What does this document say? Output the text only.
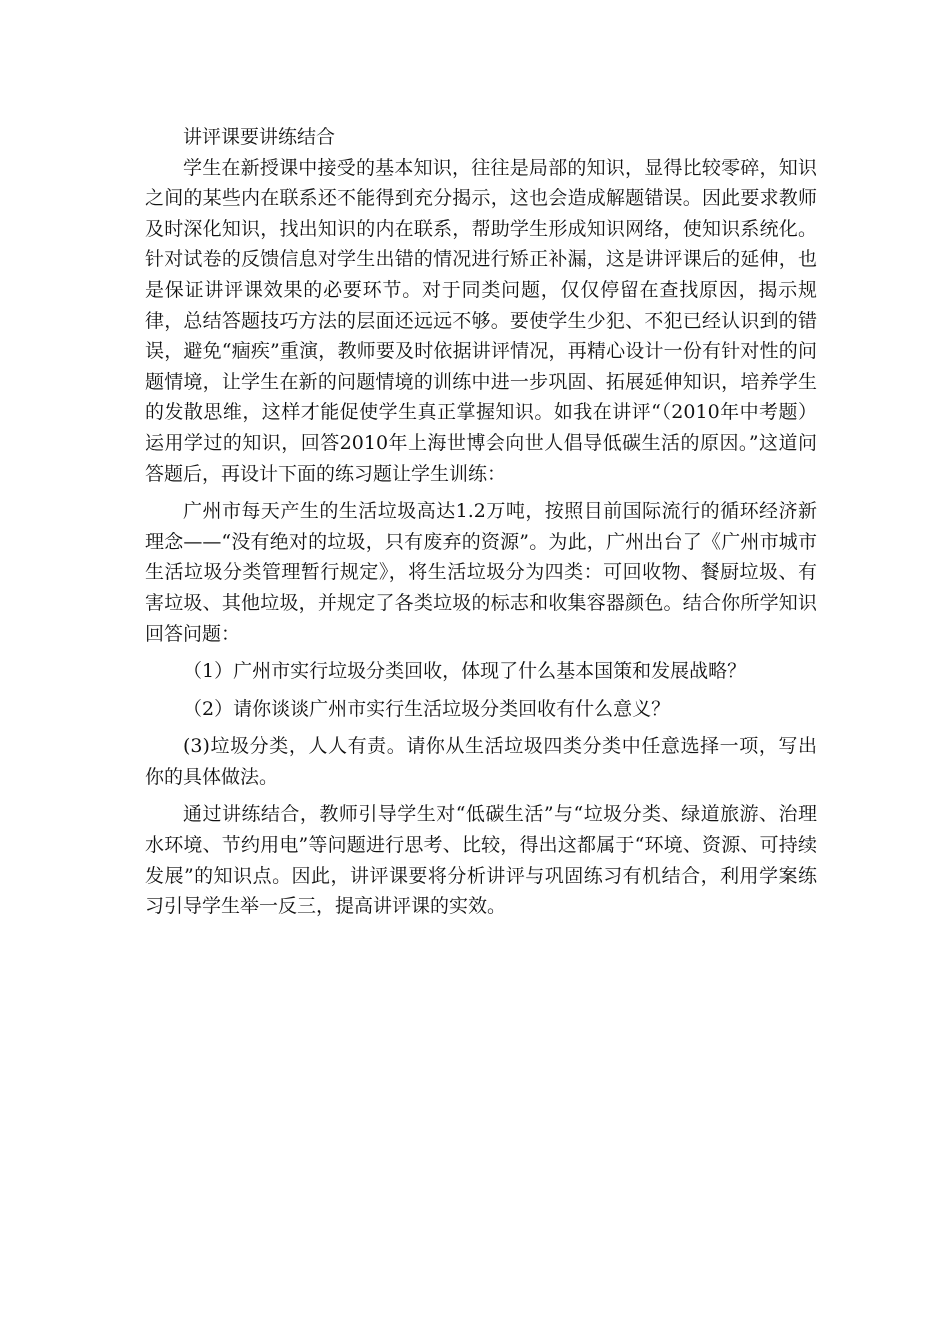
讲评课要讲练结合

学生在新授课中接受的基本知识，往往是局部的知识，显得比较零碎，知识之间的某些内在联系还不能得到充分揭示，这也会造成解题错误。因此要求教师及时深化知识，找出知识的内在联系，帮助学生形成知识网络，使知识系统化。针对试卷的反馈信息对学生出错的情况进行矫正补漏，这是讲评课后的延伸，也是保证讲评课效果的必要环节。对于同类问题，仅仅停留在查找原因，揭示规律，总结答题技巧方法的层面还远远不够。要使学生少犯、不犯已经认识到的错误，避免“痼疾”重演，教师要及时依据讲评情况，再精心设计一份有针对性的问题情境，让学生在新的问题情境的训练中进一步巩固、拓展延伸知识，培养学生的发散思维，这样才能促使学生真正掌握知识。如我在讲评“（2010年中考题）运用学过的知识，回答2010年上海世博会向世人倡导低碳生活的原因。”这道问答题后，再设计下面的练习题让学生训练：

广州市每天产生的生活垃圾高达1.2万吨，按照目前国际流行的循环经济新理念——“没有绝对的垃圾，只有废弃的资源”。为此，广州出台了《广州市城市生活垃圾分类管理暂行规定》，将生活垃圾分为四类：可回收物、餐厨垃圾、有害垃圾、其他垃圾，并规定了各类垃圾的标志和收集容器颜色。结合你所学知识回答问题：

（1）广州市实行垃圾分类回收，体现了什么基本国策和发展战略？

（2）请你谈谈广州市实行生活垃圾分类回收有什么意义？

(3)垃圾分类，人人有责。请你从生活垃圾四类分类中任意选择一项，写出你的具体做法。

通过讲练结合，教师引导学生对“低碳生活”与“垃圾分类、绿道旅游、治理水环境、节约用电”等问题进行思考、比较，得出这都属于“环境、资源、可持续发展”的知识点。因此，讲评课要将分析讲评与巩固练习有机结合，利用学案练习引导学生举一反三，提高讲评课的实效。
